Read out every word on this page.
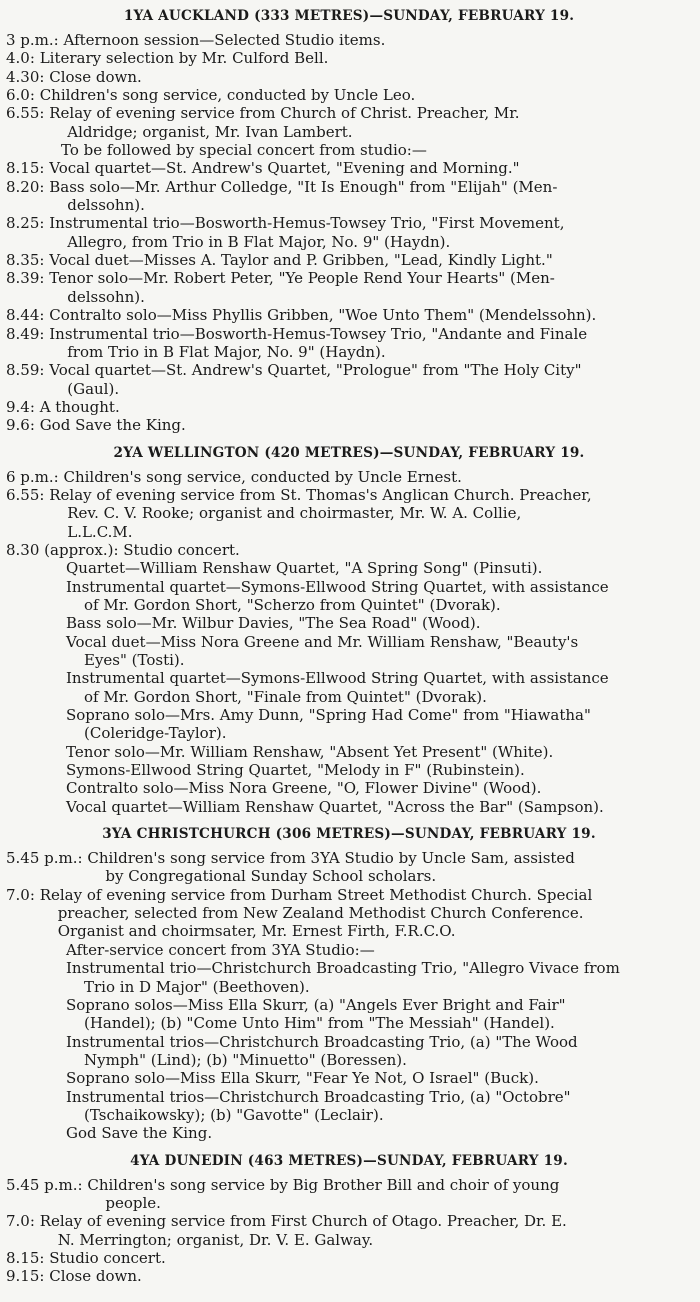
1YA AUCKLAND (333 METRES)—SUNDAY, FEBRUARY 19.
3 p.m.: Afternoon session—Selected Studio items.
4.0: Literary selection by Mr. Culford Bell.
4.30: Close down.
6.0: Children's song service, conducted by Uncle Leo.
6.55: Relay of evening service from Church of Christ. Preacher, Mr.
Aldridge; organist, Mr. Ivan Lambert.
To be followed by special concert from studio:—
8.15: Vocal quartet—St. Andrew's Quartet, "Evening and Morning."
8.20: Bass solo—Mr. Arthur Colledge, "It Is Enough" from "Elijah" (Men-
delssohn).
8.25: Instrumental trio—Bosworth-Hemus-Towsey Trio, "First Movement,
Allegro, from Trio in B Flat Major, No. 9" (Haydn).
8.35: Vocal duet—Misses A. Taylor and P. Gribben, "Lead, Kindly Light."
8.39: Tenor solo—Mr. Robert Peter, "Ye People Rend Your Hearts" (Men-
delssohn).
8.44: Contralto solo—Miss Phyllis Gribben, "Woe Unto Them" (Mendelssohn).
8.49: Instrumental trio—Bosworth-Hemus-Towsey Trio, "Andante and Finale
from Trio in B Flat Major, No. 9" (Haydn).
8.59: Vocal quartet—St. Andrew's Quartet, "Prologue" from "The Holy City"
(Gaul).
9.4: A thought.
9.6: God Save the King.
2YA WELLINGTON (420 METRES)—SUNDAY, FEBRUARY 19.
6 p.m.: Children's song service, conducted by Uncle Ernest.
6.55: Relay of evening service from St. Thomas's Anglican Church. Preacher,
Rev. C. V. Rooke; organist and choirmaster, Mr. W. A. Collie,
L.L.C.M.
8.30 (approx.): Studio concert.
Quartet—William Renshaw Quartet, "A Spring Song" (Pinsuti).
Instrumental quartet—Symons-Ellwood String Quartet, with assistance
of Mr. Gordon Short, "Scherzo from Quintet" (Dvorak).
Bass solo—Mr. Wilbur Davies, "The Sea Road" (Wood).
Vocal duet—Miss Nora Greene and Mr. William Renshaw, "Beauty's
Eyes" (Tosti).
Instrumental quartet—Symons-Ellwood String Quartet, with assistance
of Mr. Gordon Short, "Finale from Quintet" (Dvorak).
Soprano solo—Mrs. Amy Dunn, "Spring Had Come" from "Hiawatha"
(Coleridge-Taylor).
Tenor solo—Mr. William Renshaw, "Absent Yet Present" (White).
Symons-Ellwood String Quartet, "Melody in F" (Rubinstein).
Contralto solo—Miss Nora Greene, "O, Flower Divine" (Wood).
Vocal quartet—William Renshaw Quartet, "Across the Bar" (Sampson).
3YA CHRISTCHURCH (306 METRES)—SUNDAY, FEBRUARY 19.
5.45 p.m.: Children's song service from 3YA Studio by Uncle Sam, assisted
by Congregational Sunday School scholars.
7.0: Relay of evening service from Durham Street Methodist Church. Special
preacher, selected from New Zealand Methodist Church Conference.
Organist and choirmsater, Mr. Ernest Firth, F.R.C.O.
After-service concert from 3YA Studio:—
Instrumental trio—Christchurch Broadcasting Trio, "Allegro Vivace from
Trio in D Major" (Beethoven).
Soprano solos—Miss Ella Skurr, (a) "Angels Ever Bright and Fair"
(Handel); (b) "Come Unto Him" from "The Messiah" (Handel).
Instrumental trios—Christchurch Broadcasting Trio, (a) "The Wood
Nymph" (Lind); (b) "Minuetto" (Boressen).
Soprano solo—Miss Ella Skurr, "Fear Ye Not, O Israel" (Buck).
Instrumental trios—Christchurch Broadcasting Trio, (a) "Octobre"
(Tschaikowsky); (b) "Gavotte" (Leclair).
God Save the King.
4YA DUNEDIN (463 METRES)—SUNDAY, FEBRUARY 19.
5.45 p.m.: Children's song service by Big Brother Bill and choir of young
people.
7.0: Relay of evening service from First Church of Otago. Preacher, Dr. E.
N. Merrington; organist, Dr. V. E. Galway.
8.15: Studio concert.
9.15: Close down.
